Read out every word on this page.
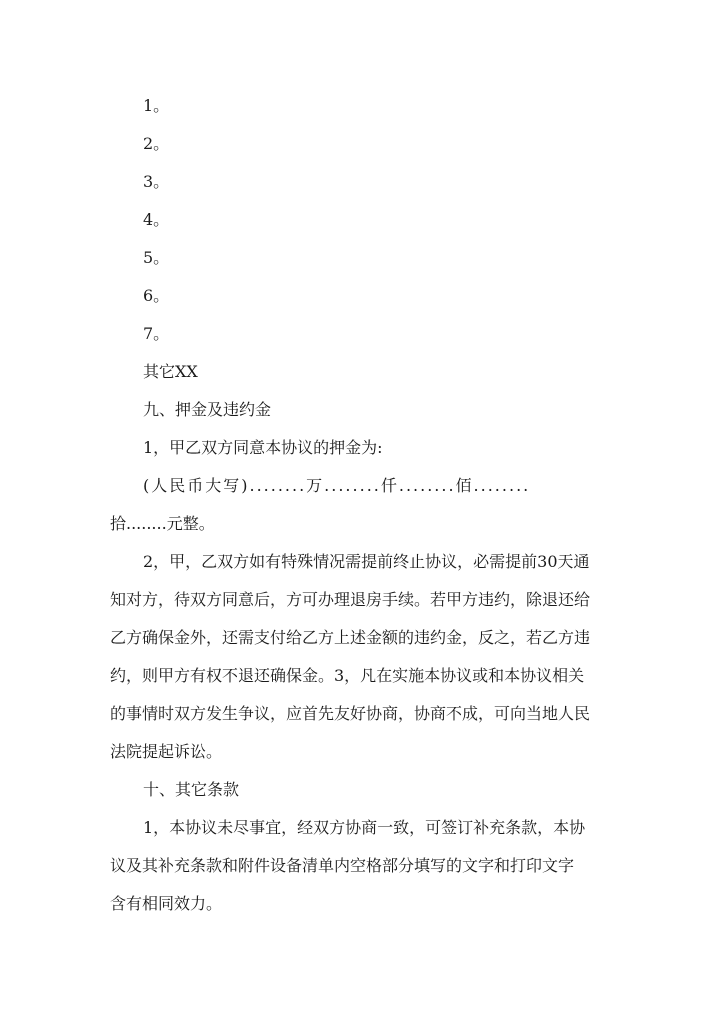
1。
2。
3。
4。
5。
6。
7。
其它XX
九、押金及违约金
1，甲乙双方同意本协议的押金为:
(人民币大写)........万........仟........佰........
拾........元整。
2，甲，乙双方如有特殊情况需提前终止协议，必需提前30天通
知对方，待双方同意后，方可办理退房手续。若甲方违约，除退还给
乙方确保金外，还需支付给乙方上述金额的违约金，反之，若乙方违
约，则甲方有权不退还确保金。3，凡在实施本协议或和本协议相关
的事情时双方发生争议，应首先友好协商，协商不成，可向当地人民
法院提起诉讼。
十、其它条款
1，本协议未尽事宜，经双方协商一致，可签订补充条款，本协
议及其补充条款和附件设备清单内空格部分填写的文字和打印文字
含有相同效力。
